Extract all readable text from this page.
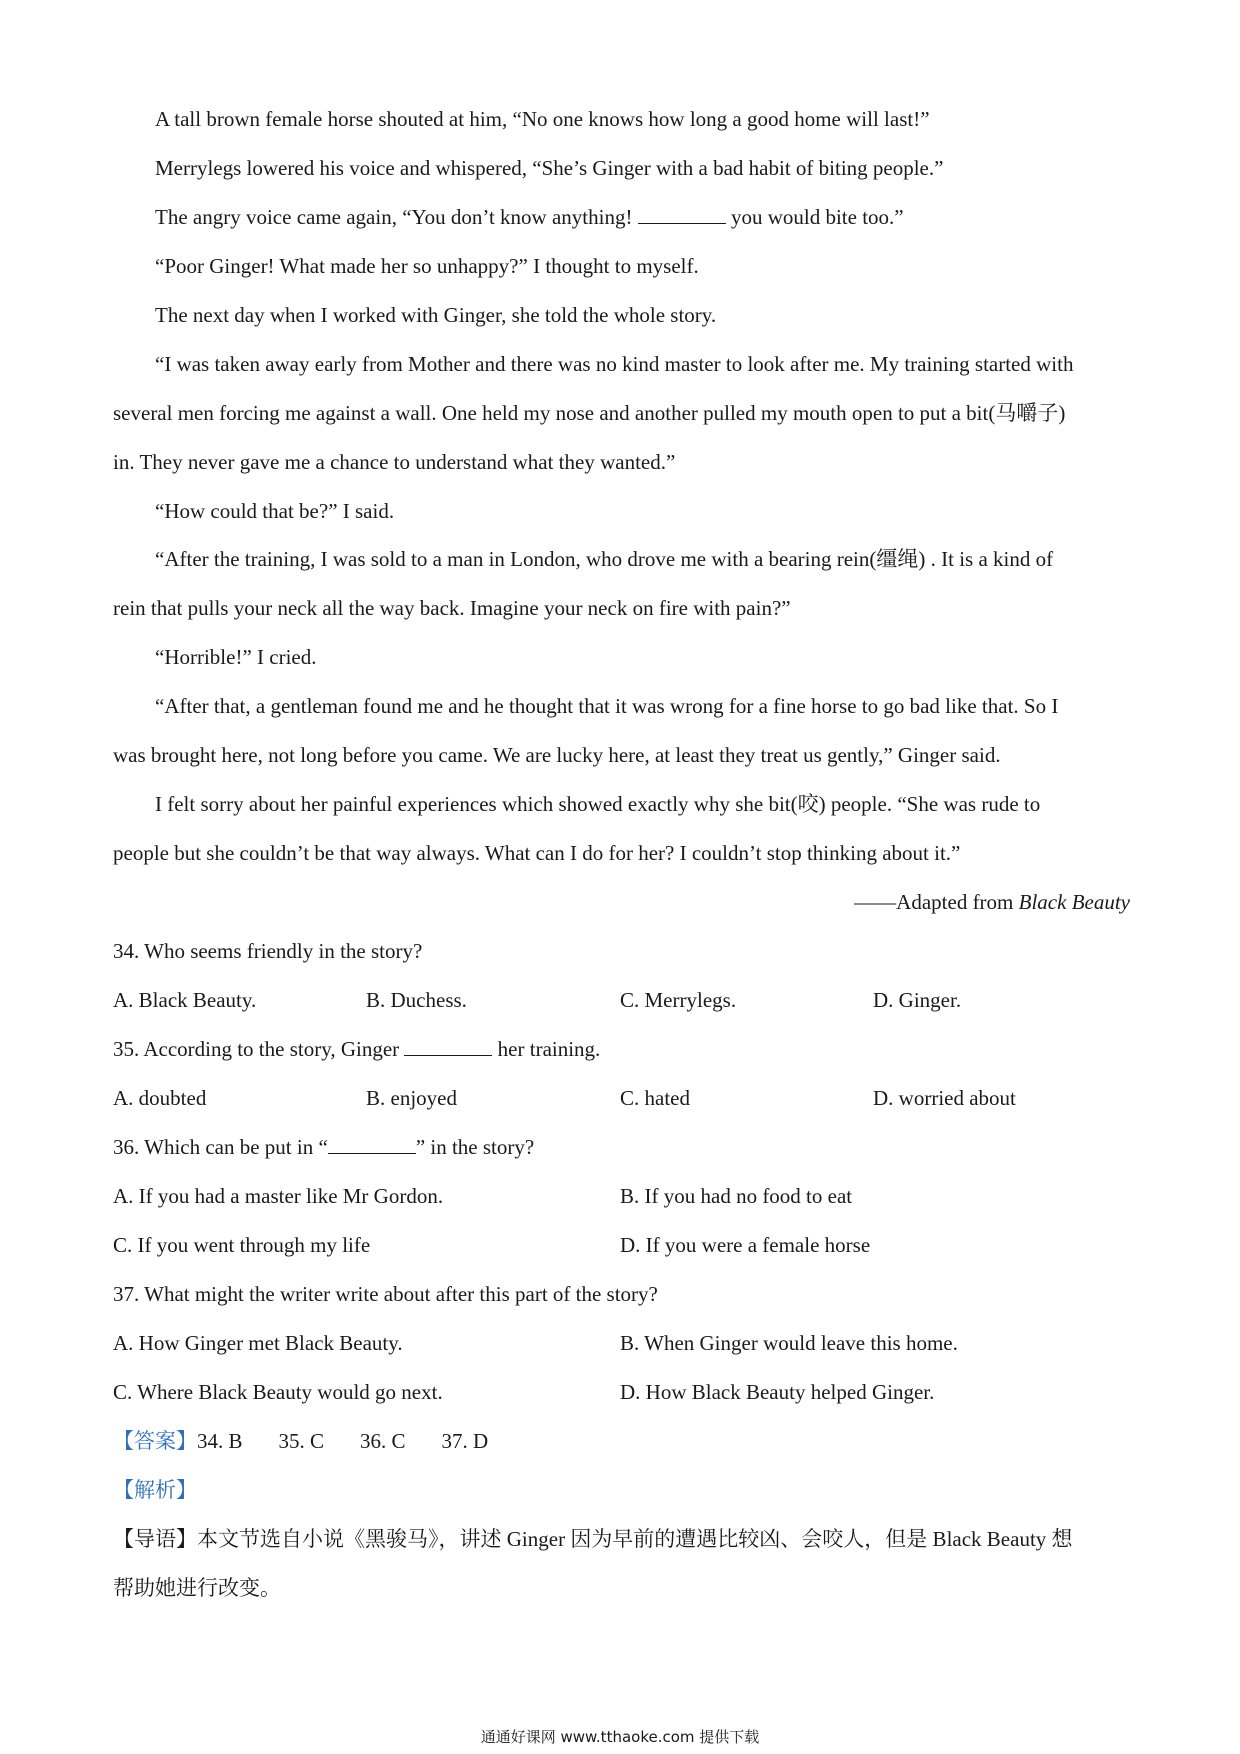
A tall brown female horse shouted at him, “No one knows how long a good home will last!”
Merrylegs lowered his voice and whispered, “She’s Ginger with a bad habit of biting people.”
The angry voice came again, “You don’t know anything!	you would bite too.”
“Poor Ginger! What made her so unhappy?” I thought to myself.
The next day when I worked with Ginger, she told the whole story.
“I was taken away early from Mother and there was no kind master to look after me. My training started with
several men forcing me against a wall. One held my nose and another pulled my mouth open to put a bit(马嚼子)
in. They never gave me a chance to understand what they wanted.”
“How could that be?” I said.
“After the training, I was sold to a man in London, who drove me with a bearing rein(缰绳) . It is a kind of
rein that pulls your neck all the way back. Imagine your neck on fire with pain?”
“Horrible!” I cried.
“After that, a gentleman found me and he thought that it was wrong for a fine horse to go bad like that. So I
was brought here, not long before you came. We are lucky here, at least they treat us gently,” Ginger said.
I felt sorry about her painful experiences which showed exactly why she bit(咬) people. “She was rude to
people but she couldn’t be that way always. What can I do for her? I couldn’t stop thinking about it.”
——Adapted from Black Beauty
34. Who seems friendly in the story?
A. Black Beauty.	B. Duchess.	C. Merrylegs.	D. Ginger.
35. According to the story, Ginger	her training.
A. doubted	B. enjoyed	C. hated	D. worried about
36. Which can be put in “	” in the story?
A. If you had a master like Mr Gordon.	B. If you had no food to eat
C. If you went through my life	D. If you were a female horse
37. What might the writer write about after this part of the story?
A. How Ginger met Black Beauty.	B. When Ginger would leave this home.
C. Where Black Beauty would go next.	D. How Black Beauty helped Ginger.
【答案】34. B 35. C 36. C 37. D
【解析】
【导语】本文节选自小说《黑骏马》，讲述 Ginger 因为早前的遭遇比较凶、会咬人，但是 Black Beauty 想
帮助她进行改变。
通通好课网 www.tthaoke.com 提供下载
